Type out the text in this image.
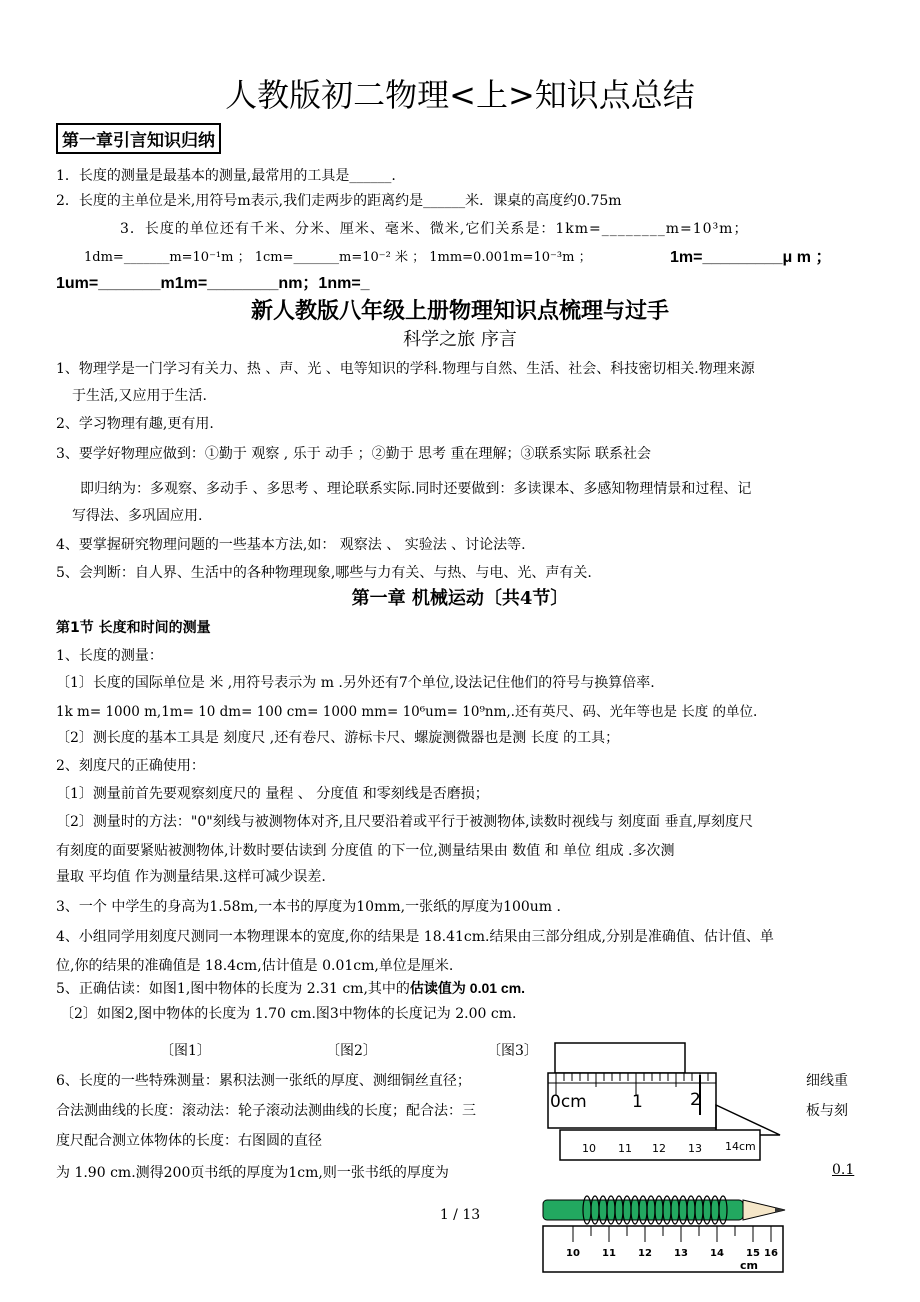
人教版初二物理<上>知识点总结
第一章引言知识归纳
1．长度的测量是最基本的测量,最常用的工具是______.
2．长度的主单位是米,用符号m表示,我们走两步的距离约是______米．课桌的高度约0.75m
3．长度的单位还有千米、分米、厘米、毫米、微米,它们关系是：1km=________m=10³m；
1dm=_______m=10⁻¹m ； 1cm=_______m=10⁻² 米 ； 1mm=0.001m=10⁻³m ；	1m=_________μ m ；
1um=_______m1m=________nm；1nm=_
新人教版八年级上册物理知识点梳理与过手
科学之旅 序言
1、物理学是一门学习有关力、热 、声、光 、电等知识的学科.物理与自然、生活、社会、科技密切相关.物理来源
于生活,又应用于生活.
2、学习物理有趣,更有用.
3、要学好物理应做到：①勤于 观察 , 乐于 动手 ；②勤于 思考 重在理解；③联系实际 联系社会
即归纳为：多观察、多动手 、多思考 、理论联系实际.同时还要做到：多读课本、多感知物理情景和过程、记
写得法、多巩固应用.
4、要掌握研究物理问题的一些基本方法,如： 观察法 、 实验法 、讨论法等.
5、会判断：自人界、生活中的各种物理现象,哪些与力有关、与热、与电、光、声有关.
第一章 机械运动〔共4节〕
第1节 长度和时间的测量
1、长度的测量：
〔1〕长度的国际单位是 米 ,用符号表示为 m .另外还有7个单位,设法记住他们的符号与换算倍率.
1k m= 1000 m,1m= 10 dm= 100 cm= 1000 mm= 10⁶um= 10⁹nm,.还有英尺、码、光年等也是 长度 的单位.
〔2〕测长度的基本工具是 刻度尺 ,还有卷尺、游标卡尺、螺旋测微器也是测 长度 的工具；
2、刻度尺的正确使用：
〔1〕测量前首先要观察刻度尺的 量程 、 分度值 和零刻线是否磨损；
〔2〕测量时的方法："0"刻线与被测物体对齐,且尺要沿着或平行于被测物体,读数时视线与 刻度面 垂直,厚刻度尺
有刻度的面要紧贴被测物体,计数时要估读到 分度值 的下一位,测量结果由 数值 和 单位 组成 .多次测
量取 平均值 作为测量结果.这样可减少误差.
3、一个 中学生的身高为1.58m,一本书的厚度为10mm,一张纸的厚度为100um .
4、小组同学用刻度尺测同一本物理课本的宽度,你的结果是 18.41cm.结果由三部分组成,分别是准确值、估计值、单
位,你的结果的准确值是 18.4cm,估计值是 0.01cm,单位是厘米.
5、正确估读：如图1,图中物体的长度为 2.31 cm,其中的估读值为 0.01 cm.
〔2〕如图2,图中物体的长度为 1.70 cm.图3中物体的长度记为 2.00 cm.
〔图1〕	〔图2〕	〔图3〕
6、长度的一些特殊测量：累积法测一张纸的厚度、测细铜丝直径；	细线重
合法测曲线的长度：滚动法：轮子滚动法测曲线的长度；配合法：三	板与刻
度尺配合测立体物体的长度：右图圆的直径
为 1.90 cm.测得200页书纸的厚度为1cm,则一张书纸的厚度为	0.1
0cm	1	2
10 11 12 13 14cm
10 11 12 13 14 15 16
cm
1 / 13
